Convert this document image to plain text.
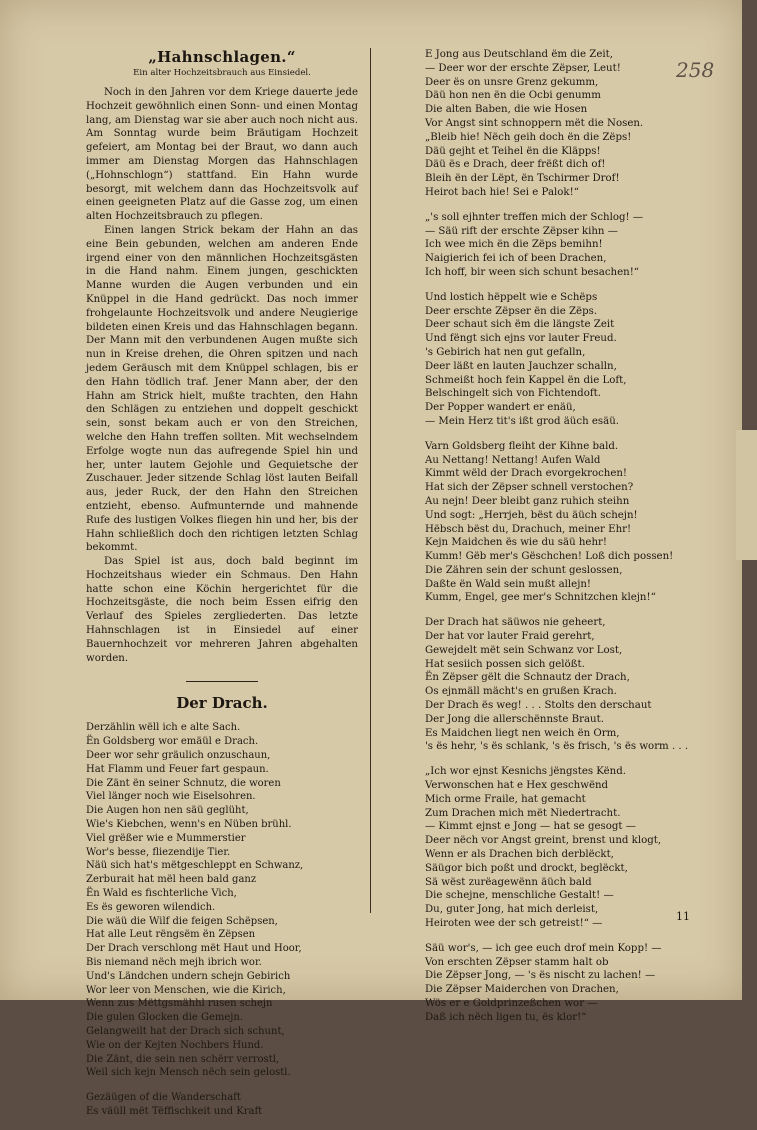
„Hahnschlagen.“
Ein alter Hochzeitsbrauch aus Einsiedel.

Noch in den Jahren vor dem Kriege dauerte jede Hochzeit gewöhnlich einen Sonn- und einen Montag lang, am Dienstag war sie aber auch noch nicht aus. Am Sonntag wurde beim Bräutigam Hochzeit gefeiert, am Montag bei der Braut, wo dann auch immer am Dienstag Morgen das Hahnschlagen („Hohnschlogn“) stattfand. Ein Hahn wurde besorgt, mit welchem dann das Hochzeitsvolk auf einen geeigneten Platz auf die Gasse zog, um einen alten Hochzeitsbrauch zu pflegen.

Einen langen Strick bekam der Hahn an das eine Bein gebunden, welchen am anderen Ende irgend einer von den männlichen Hochzeitsgästen in die Hand nahm. Einem jungen, geschickten Manne wurden die Augen verbunden und ein Knüppel in die Hand gedrückt. Das noch immer frohgelaunte Hochzeitsvolk und andere Neugierige bildeten einen Kreis und das Hahnschlagen begann. Der Mann mit den verbundenen Augen mußte sich nun in Kreise drehen, die Ohren spitzen und nach jedem Geräusch mit dem Knüppel schlagen, bis er den Hahn tödlich traf. Jener Mann aber, der den Hahn am Strick hielt, mußte trachten, den Hahn den Schlägen zu entziehen und doppelt geschickt sein, sonst bekam auch er von den Streichen, welche den Hahn treffen sollten. Mit wechselndem Erfolge wogte nun das aufregende Spiel hin und her, unter lautem Gejohle und Gequietsche der Zuschauer. Jeder sitzende Schlag löst lauten Beifall aus, jeder Ruck, der den Hahn den Streichen entzieht, ebenso. Aufmunternde und mahnende Rufe des lustigen Volkes fliegen hin und her, bis der Hahn schließlich doch den richtigen letzten Schlag bekommt.

Das Spiel ist aus, doch bald beginnt im Hochzeitshaus wieder ein Schmaus. Den Hahn hatte schon eine Köchin hergerichtet für die Hochzeitsgäste, die noch beim Essen eifrig den Verlauf des Spieles zergliederten. Das letzte Hahnschlagen ist in Einsiedel auf einer Bauernhochzeit vor mehreren Jahren abgehalten worden.

Der Drach.
Derzählin wëll ich e alte Sach.
Ën Goldsberg wor emäül e Drach.
Deer wor sehr gräulich onzuschaun,
Hat Flamm und Feuer fart gespaun.
Die Zänt ën seiner Schnutz, die woren
Viel länger noch wie Eiselsohren.
Die Augen hon nen säü geglüht,
Wie's Kiebchen, wenn's en Nüben brühl.
Viel grëßer wie e Mummerstier
Wor's besse, fliezendije Tier.
Näü sich hat's mëtgeschleppt en Schwanz,
Zerburait hat mël heen bald ganz
Ën Wald es fischterliche Vich,
Es ës geworen wilendich.
Die wäü die Wilf die feigen Schëpsen,
Hat alle Leut rëngsëm ën Zëpsen
Der Drach verschlong mët Haut und Hoor,
Bis niemand nëch mejh ibrich wor.
Und's Ländchen undern schejn Gebirich
Wor leer von Menschen, wie die Kirich,
Wenn zus Mëttgsmähhl rusen schejn
Die gulen Glocken die Gemejn.
Gelangweilt hat der Drach sich schunt,
Wie on der Kejten Nochbers Hund.
Die Zänt, die sein nen schërr verrostl,
Weil sich kejn Mensch nëch sein gelostl.
Gezäügen of die Wanderschaft
Es väüll mët Tëffischkeit und Kraft
E Jong aus Deutschland ëm die Zeit,
— Deer wor der erschte Zëpser, Leut!
Deer ës on unsre Grenz gekumm,
Däü hon nen ën die Ocbi genumm
Die alten Baben, die wie Hosen
Vor Angst sint schnoppern mët die Nosen.
„Bleib hie! Nëch geih doch ën die Zëps!
Däü gejht et Teihel ën die Kläpps!
Däü ës e Drach, deer frëßt dich of!
Bleih ën der Lëpt, ën Tschirmer Drof!
Heirot bach hie! Sei e Palok!“
„'s soll ejhnter treffen mich der Schlog! —
— Säü rift der erschte Zëpser kihn —
Ich wee mich ën die Zëps bemihn!
Naigierich fei ich of been Drachen,
Ich hoff, bir ween sich schunt besachen!“
Und lostich hëppelt wie e Schëps
Deer erschte Zëpser ën die Zëps.
Deer schaut sich ëm die längste Zeit
Und fëngt sich ejns vor lauter Freud.
's Gebirich hat nen gut gefalln,
Deer läßt en lauten Jauchzer schalln,
Schmeißt hoch fein Kappel ën die Loft,
Belschingelt sich von Fichtendoft.
Der Popper wandert er enäü,
— Mein Herz tit's ißt grod äüch esäü.
Varn Goldsberg fleiht der Kihne bald.
Au Nettang! Nettang! Aufen Wald
Kimmt wëld der Drach evorgekrochen!
Hat sich der Zëpser schnell verstochen?
Au nejn! Deer bleibt ganz ruhich steihn
Und sogt: „Herrjeh, bëst du äüch schejn!
Hëbsch bëst du, Drachuch, meiner Ehr!
Kejn Maidchen ës wie du säü hehr!
Kumm! Gëb mer's Gëschchen! Loß dich possen!
Die Zähren sein der schunt geslossen,
Daßte ën Wald sein mußt allejn!
Kumm, Engel, gee mer's Schnitzchen klejn!“
Der Drach hat säüwos nie geheert,
Der hat vor lauter Fraid gerehrt,
Gewejdelt mët sein Schwanz vor Lost,
Hat sesiich possen sich gelößt.
Ën Zëpser gëlt die Schnautz der Drach,
Os ejnmäll mächt's en grußen Krach.
Der Drach ës weg! . . . Stolts den derschaut
Der Jong die allerschënnste Braut.
Es Maidchen liegt nen weich ën Orm,
's ës hehr, 's ës schlank, 's ës frisch, 's ës worm . . .
„Ich wor ejnst Kesnichs jëngstes Kënd.
Verwonschen hat e Hex geschwënd
Mich orme Fraile, hat gemacht
Zum Drachen mich mët Niedertracht.
— Kimmt ejnst e Jong — hat se gesogt —
Deer nëch vor Angst greint, brenst und klogt,
Wenn er als Drachen bich derblëckt,
Säügor bich poßt und drockt, beglëckt,
Sä wëst zurëagewënn äüch bald
Die schejne, menschliche Gestalt! —
Du, guter Jong, hat mich derleist,
Heiroten wee der sch getreist!“ —
Säü wor's, — ich gee euch drof mein Kopp! —
Von erschten Zëpser stamm halt ob
Die Zëpser Jong, — 's ës nischt zu lachen! —
Die Zëpser Maiderchen von Drachen,
Wös er e Goldprinzeßchen wor —
Daß ich nëch ligen tu, ës klor!“
258
11
